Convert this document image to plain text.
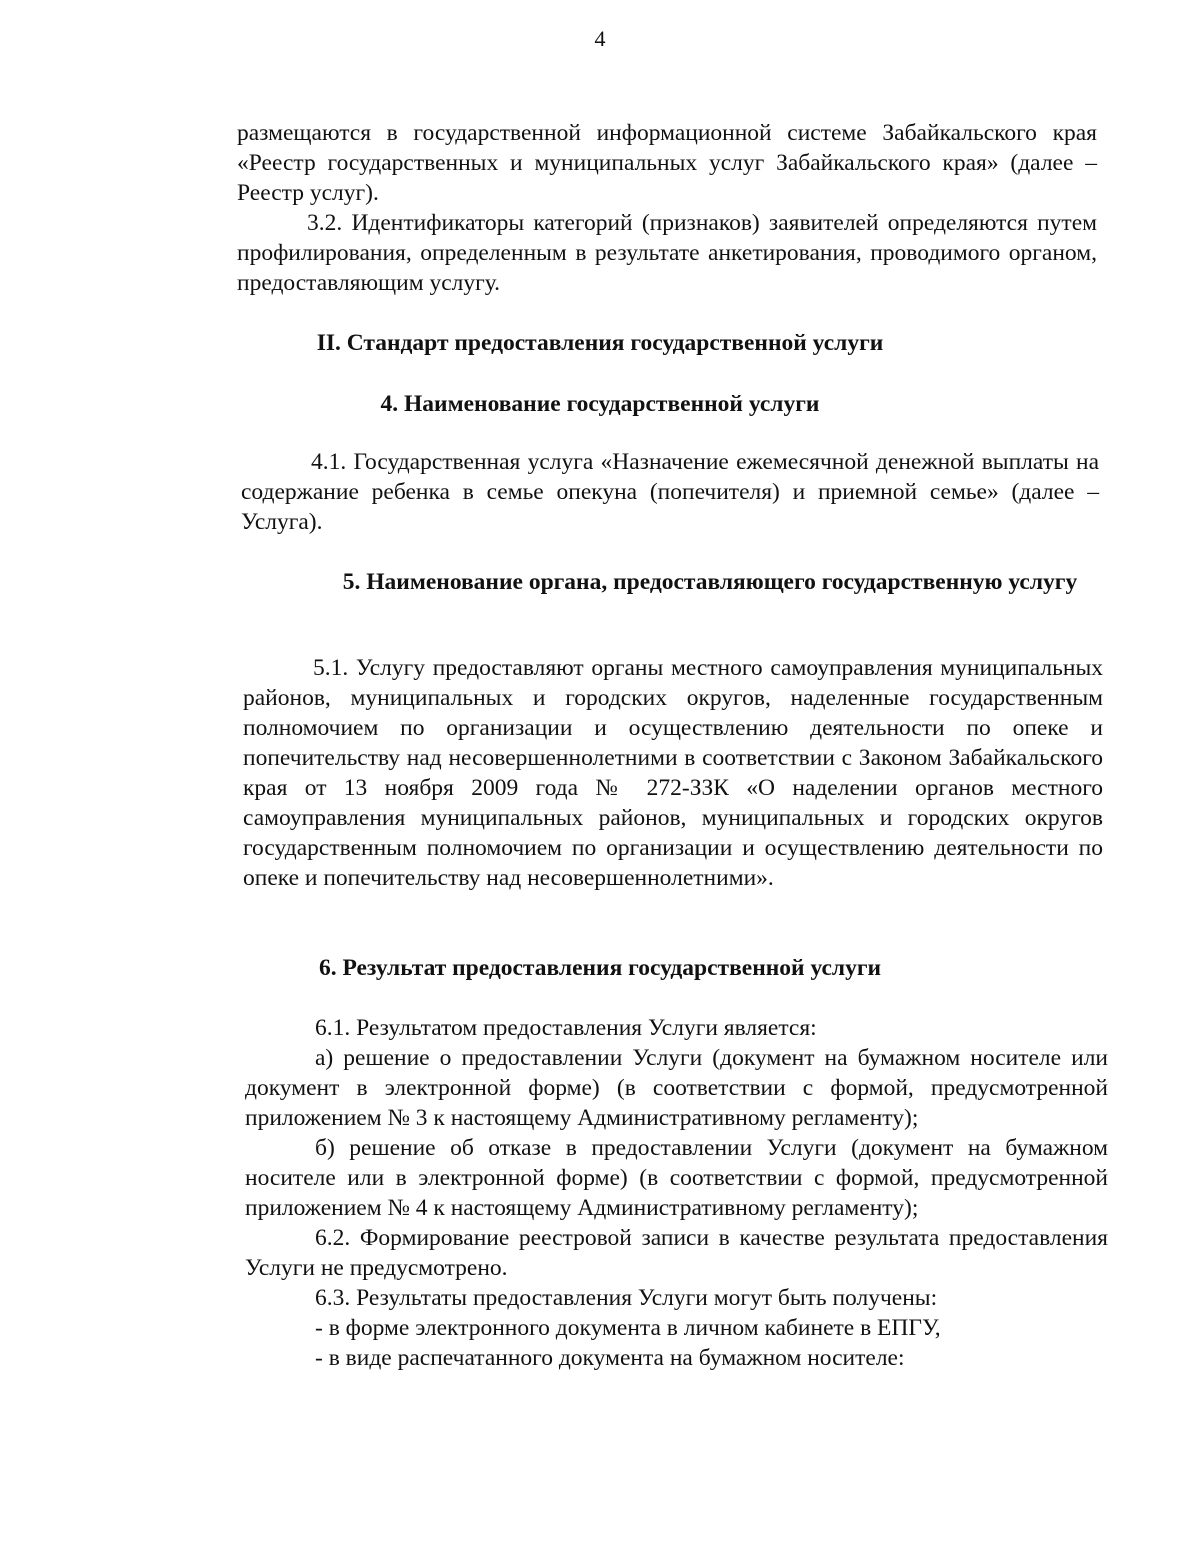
4

размещаются в государственной информационной системе Забайкальского края «Реестр государственных и муниципальных услуг Забайкальского края» (далее – Реестр услуг).

3.2. Идентификаторы категорий (признаков) заявителей определяются путем профилирования, определенным в результате анкетирования, проводимого органом, предоставляющим услугу.

II. Стандарт предоставления государственной услуги
4. Наименование государственной услуги

4.1. Государственная услуга «Назначение ежемесячной денежной выплаты на содержание ребенка в семье опекуна (попечителя) и приемной семье» (далее – Услуга).

5. Наименование органа, предоставляющего государственную услугу

5.1. Услугу предоставляют органы местного самоуправления муниципальных районов, муниципальных и городских округов, наделенные государственным полномочием по организации и осуществлению деятельности по опеке и попечительству над несовершеннолетними в соответствии с Законом Забайкальского края от 13 ноября 2009 года № 272-ЗЗК «О наделении органов местного самоуправления муниципальных районов, муниципальных и городских округов государственным полномочием по организации и осуществлению деятельности по опеке и попечительству над несовершеннолетними».

6. Результат предоставления государственной услуги

6.1. Результатом предоставления Услуги является:

а) решение о предоставлении Услуги (документ на бумажном носителе или документ в электронной форме) (в соответствии с формой, предусмотренной приложением № 3 к настоящему Административному регламенту);

б) решение об отказе в предоставлении Услуги (документ на бумажном носителе или в электронной форме) (в соответствии с формой, предусмотренной приложением № 4 к настоящему Административному регламенту);

6.2. Формирование реестровой записи в качестве результата предоставления Услуги не предусмотрено.

6.3. Результаты предоставления Услуги могут быть получены:

- в форме электронного документа в личном кабинете в ЕПГУ,

- в виде распечатанного документа на бумажном носителе:
